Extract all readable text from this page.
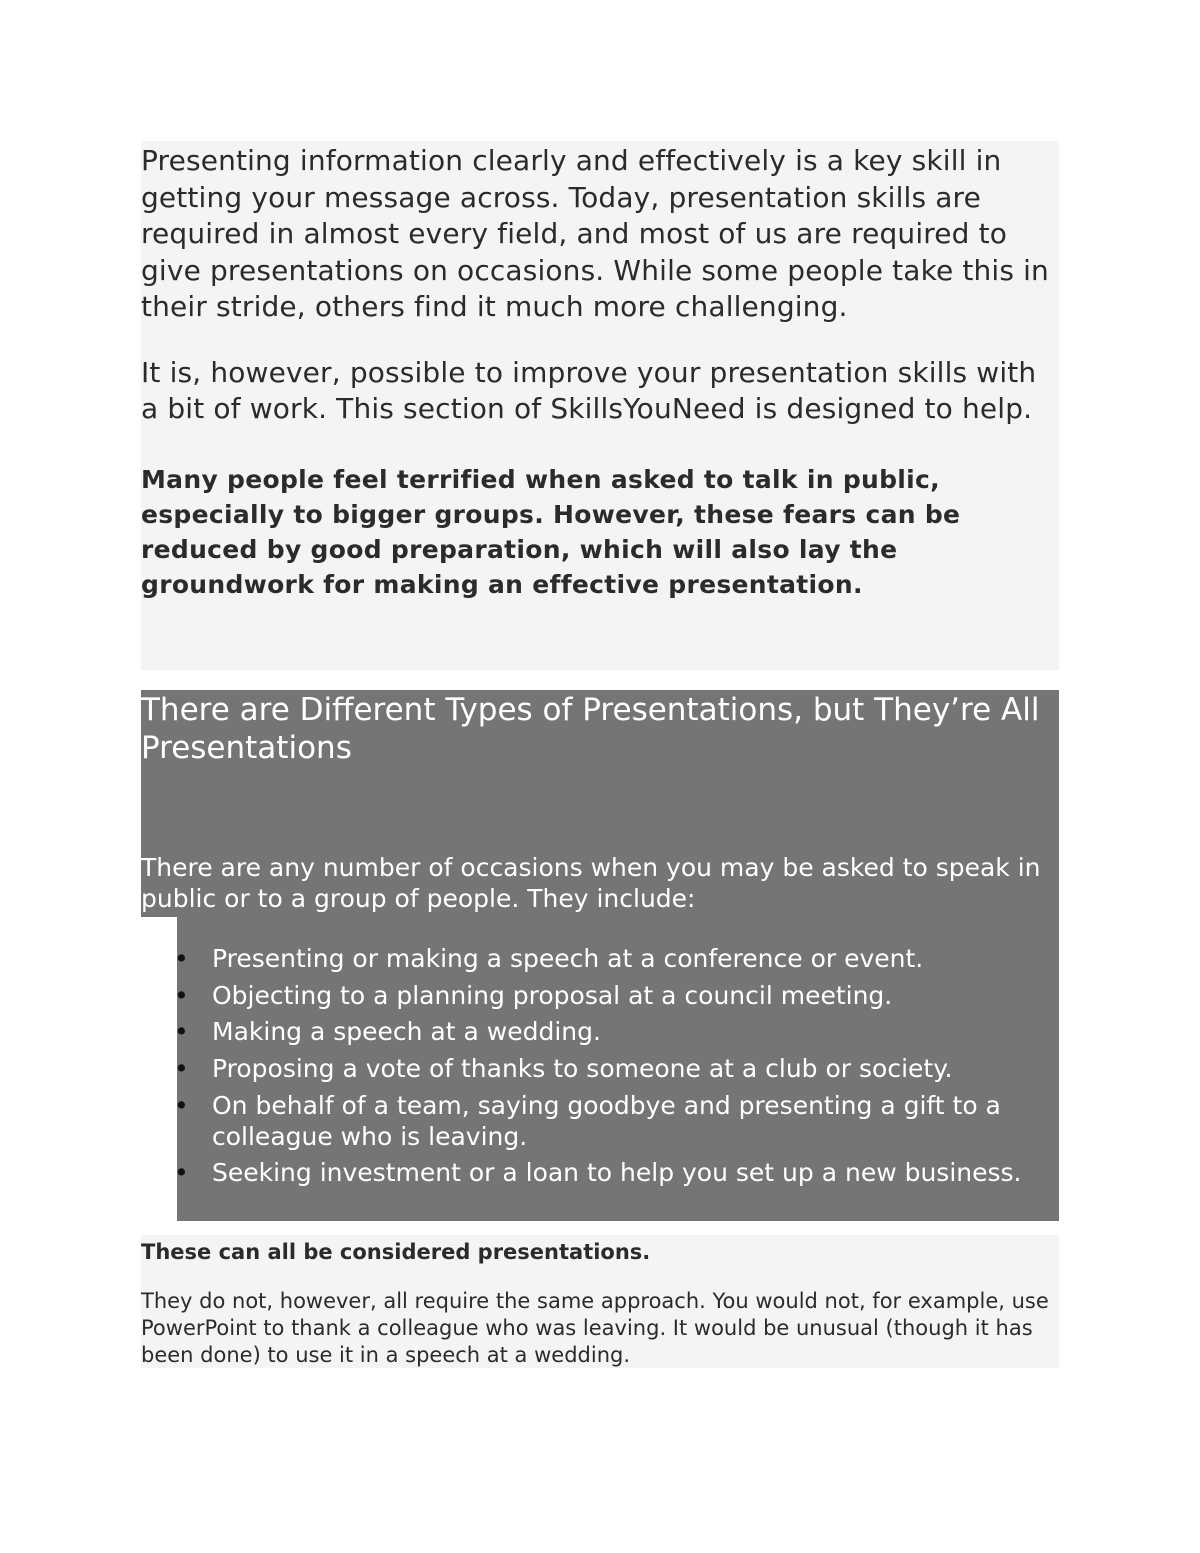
Presenting information clearly and effectively is a key skill in getting your message across. Today, presentation skills are required in almost every field, and most of us are required to give presentations on occasions. While some people take this in their stride, others find it much more challenging.

It is, however, possible to improve your presentation skills with a bit of work. This section of SkillsYouNeed is designed to help.

Many people feel terrified when asked to talk in public, especially to bigger groups. However, these fears can be reduced by good preparation, which will also lay the groundwork for making an effective presentation.

There are Different Types of Presentations, but They’re All Presentations

There are any number of occasions when you may be asked to speak in public or to a group of people. They include:

• Presenting or making a speech at a conference or event.
• Objecting to a planning proposal at a council meeting.
• Making a speech at a wedding.
• Proposing a vote of thanks to someone at a club or society.
• On behalf of a team, saying goodbye and presenting a gift to a colleague who is leaving.
• Seeking investment or a loan to help you set up a new business.

These can all be considered presentations.

They do not, however, all require the same approach. You would not, for example, use PowerPoint to thank a colleague who was leaving. It would be unusual (though it has been done) to use it in a speech at a wedding.
